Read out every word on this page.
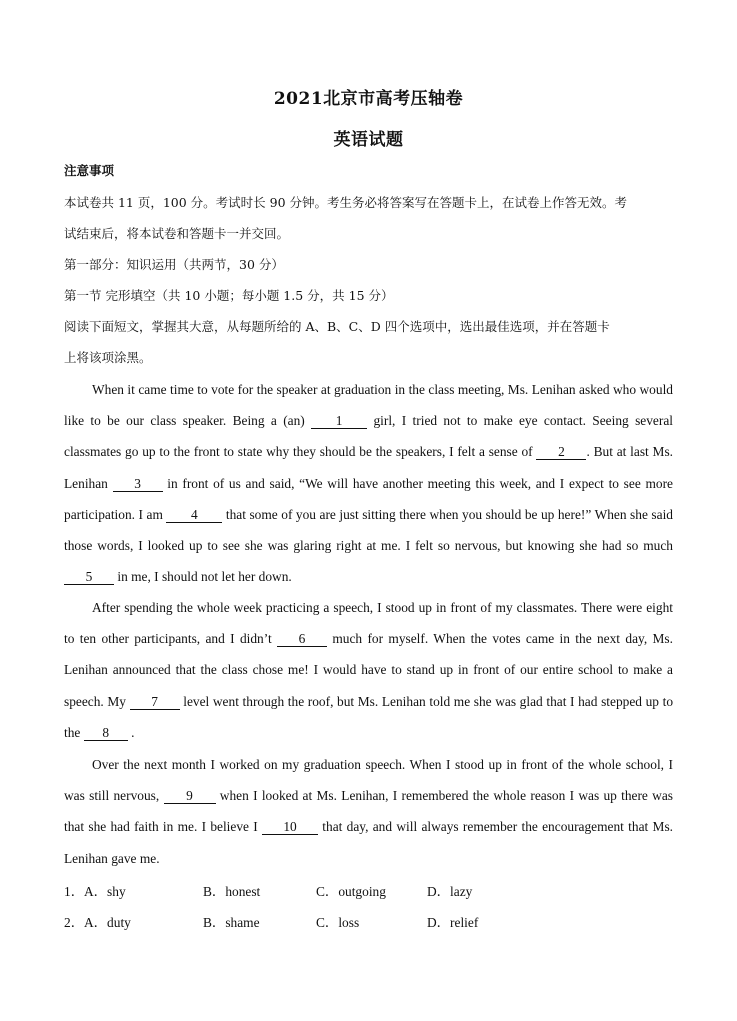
2021北京市高考压轴卷
英语试题
注意事项
本试卷共 11 页，100 分。考试时长 90 分钟。考生务必将答案写在答题卡上，在试卷上作答无效。考
试结束后，将本试卷和答题卡一并交回。
第一部分：知识运用（共两节，30 分）
第一节 完形填空（共 10 小题；每小题 1.5 分，共 15 分）
阅读下面短文，掌握其大意，从每题所给的 A、B、C、D 四个选项中，选出最佳选项，并在答题卡
上将该项涂黑。
When it came time to vote for the speaker at graduation in the class meeting, Ms. Lenihan asked who would like to be our class speaker. Being a (an) 1 girl, I tried not to make eye contact. Seeing several classmates go up to the front to state why they should be the speakers, I felt a sense of 2 . But at last Ms. Lenihan 3 in front of us and said, “We will have another meeting this week, and I expect to see more participation. I am 4 that some of you are just sitting there when you should be up here!” When she said those words, I looked up to see she was glaring right at me. I felt so nervous, but knowing she had so much 5 in me, I should not let her down.
After spending the whole week practicing a speech, I stood up in front of my classmates. There were eight to ten other participants, and I didn’t 6 much for myself. When the votes came in the next day, Ms. Lenihan announced that the class chose me! I would have to stand up in front of our entire school to make a speech. My 7 level went through the roof, but Ms. Lenihan told me she was glad that I had stepped up to the 8 .
Over the next month I worked on my graduation speech. When I stood up in front of the whole school, I was still nervous, 9 when I looked at Ms. Lenihan, I remembered the whole reason I was up there was that she had faith in me. I believe I 10 that day, and will always remember the encouragement that Ms. Lenihan gave me.
1． A．shy	B．honest	C．outgoing	D．lazy
2． A．duty	B．shame	C．loss	D．relief
